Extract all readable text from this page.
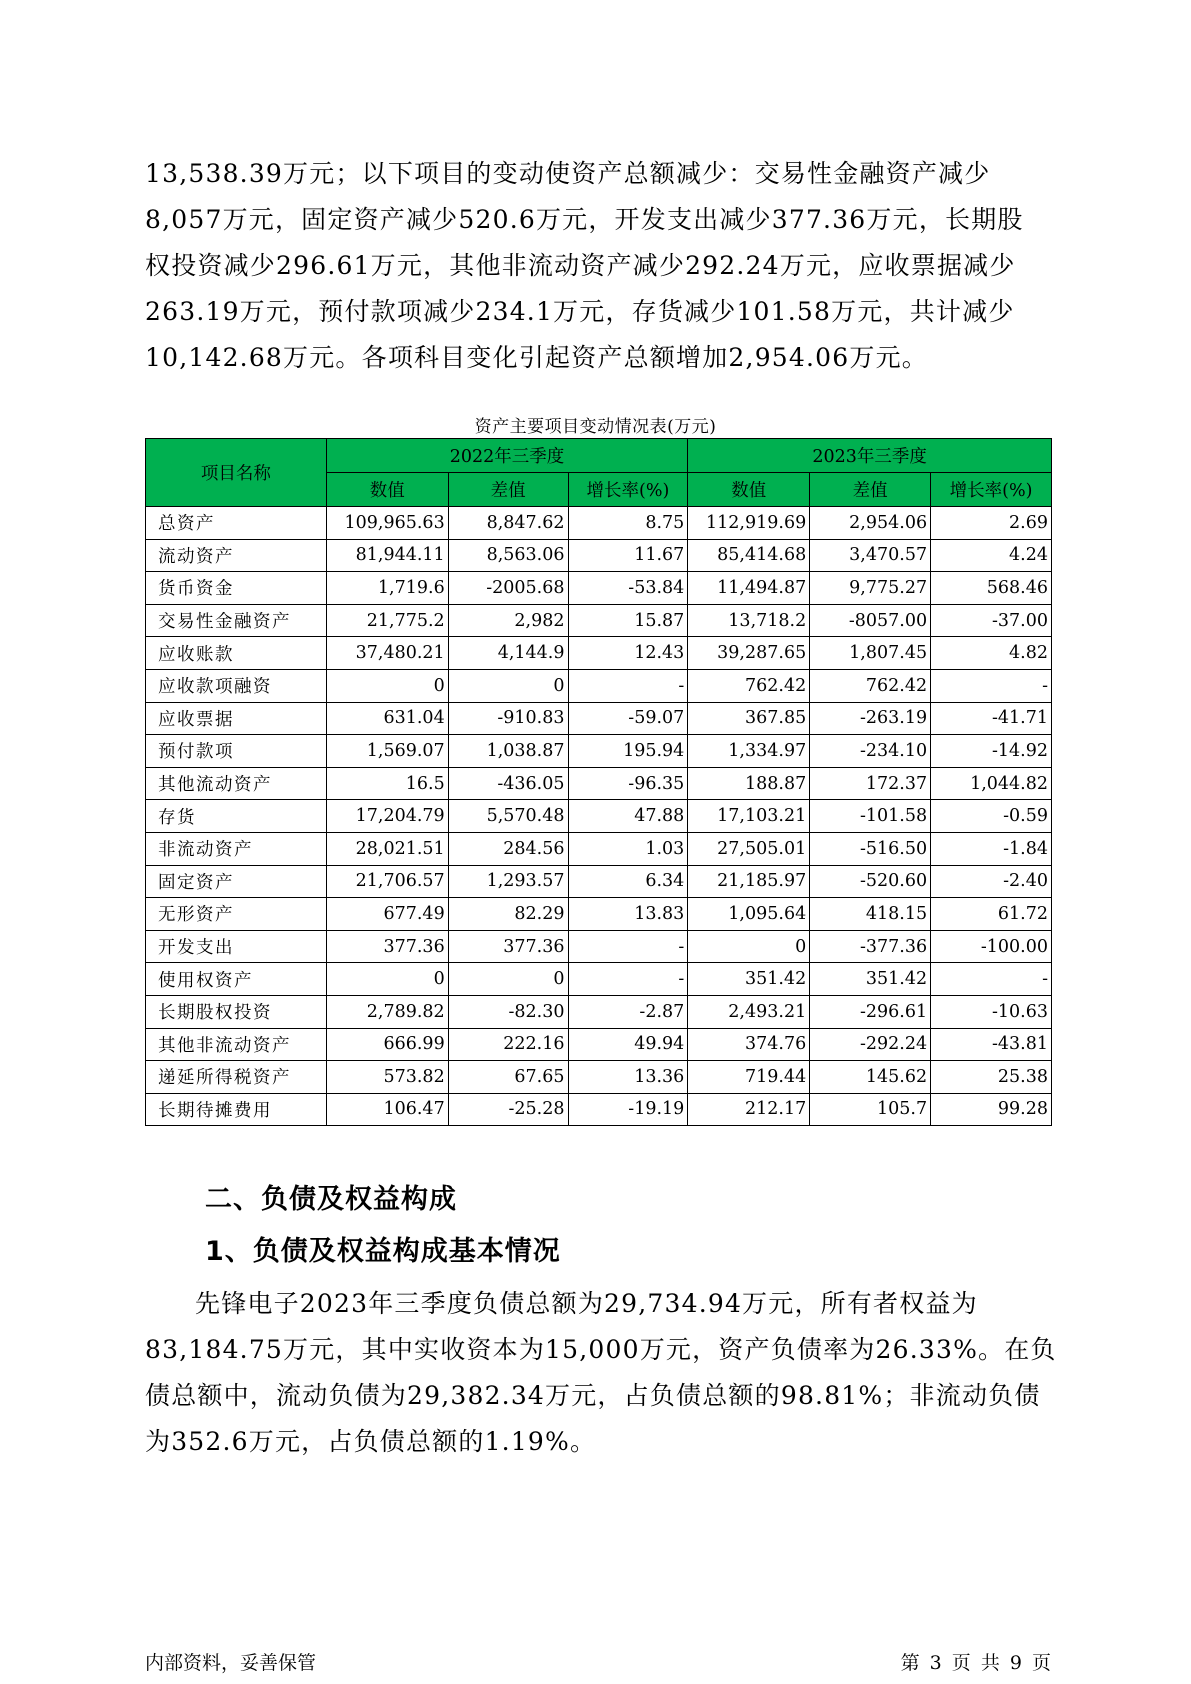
13,538.39万元；以下项目的变动使资产总额减少：交易性金融资产减少
8,057万元，固定资产减少520.6万元，开发支出减少377.36万元，长期股
权投资减少296.61万元，其他非流动资产减少292.24万元，应收票据减少
263.19万元，预付款项减少234.1万元，存货减少101.58万元，共计减少
10,142.68万元。各项科目变化引起资产总额增加2,954.06万元。
资产主要项目变动情况表(万元)
项目名称	2022年三季度			2023年三季度		
	数值	差值	增长率(%)	数值	差值	增长率(%)
总资产	109,965.63	8,847.62	8.75	112,919.69	2,954.06	2.69
流动资产	81,944.11	8,563.06	11.67	85,414.68	3,470.57	4.24
货币资金	1,719.6	-2005.68	-53.84	11,494.87	9,775.27	568.46
交易性金融资产	21,775.2	2,982	15.87	13,718.2	-8057.00	-37.00
应收账款	37,480.21	4,144.9	12.43	39,287.65	1,807.45	4.82
应收款项融资	0	0	-	762.42	762.42	-
应收票据	631.04	-910.83	-59.07	367.85	-263.19	-41.71
预付款项	1,569.07	1,038.87	195.94	1,334.97	-234.10	-14.92
其他流动资产	16.5	-436.05	-96.35	188.87	172.37	1,044.82
存货	17,204.79	5,570.48	47.88	17,103.21	-101.58	-0.59
非流动资产	28,021.51	284.56	1.03	27,505.01	-516.50	-1.84
固定资产	21,706.57	1,293.57	6.34	21,185.97	-520.60	-2.40
无形资产	677.49	82.29	13.83	1,095.64	418.15	61.72
开发支出	377.36	377.36	-	0	-377.36	-100.00
使用权资产	0	0	-	351.42	351.42	-
长期股权投资	2,789.82	-82.30	-2.87	2,493.21	-296.61	-10.63
其他非流动资产	666.99	222.16	49.94	374.76	-292.24	-43.81
递延所得税资产	573.82	67.65	13.36	719.44	145.62	25.38
长期待摊费用	106.47	-25.28	-19.19	212.17	105.7	99.28
二、负债及权益构成
1、负债及权益构成基本情况
先锋电子2023年三季度负债总额为29,734.94万元，所有者权益为
83,184.75万元，其中实收资本为15,000万元，资产负债率为26.33%。在负
债总额中，流动负债为29,382.34万元，占负债总额的98.81%；非流动负债
为352.6万元，占负债总额的1.19%。
内部资料，妥善保管	第 3 页 共 9 页
